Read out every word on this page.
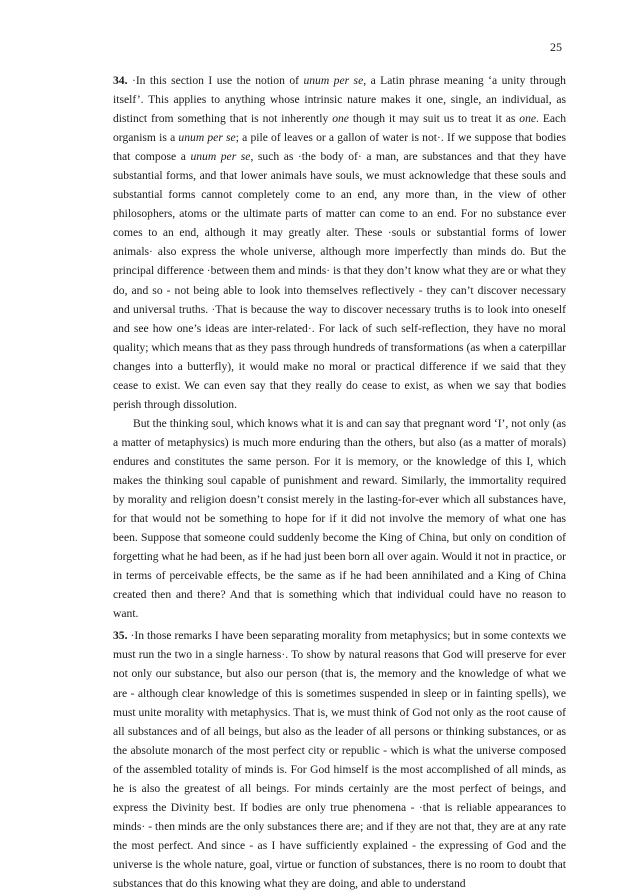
25

34. ·In this section I use the notion of unum per se, a Latin phrase meaning ‘a unity through itself’. This applies to anything whose intrinsic nature makes it one, single, an individual, as distinct from something that is not inherently one though it may suit us to treat it as one. Each organism is a unum per se; a pile of leaves or a gallon of water is not·. If we suppose that bodies that compose a unum per se, such as ·the body of· a man, are substances and that they have substantial forms, and that lower animals have souls, we must acknowledge that these souls and substantial forms cannot completely come to an end, any more than, in the view of other philosophers, atoms or the ultimate parts of matter can come to an end. For no substance ever comes to an end, although it may greatly alter. These ·souls or substantial forms of lower animals· also express the whole universe, although more imperfectly than minds do. But the principal difference ·between them and minds· is that they don’t know what they are or what they do, and so - not being able to look into themselves reflectively - they can’t discover necessary and universal truths. ·That is because the way to discover necessary truths is to look into oneself and see how one’s ideas are inter-related·. For lack of such self-reflection, they have no moral quality; which means that as they pass through hundreds of transformations (as when a caterpillar changes into a butterfly), it would make no moral or practical difference if we said that they cease to exist. We can even say that they really do cease to exist, as when we say that bodies perish through dissolution.

But the thinking soul, which knows what it is and can say that pregnant word ‘I’, not only (as a matter of metaphysics) is much more enduring than the others, but also (as a matter of morals) endures and constitutes the same person. For it is memory, or the knowledge of this I, which makes the thinking soul capable of punishment and reward. Similarly, the immortality required by morality and religion doesn’t consist merely in the lasting-for-ever which all substances have, for that would not be something to hope for if it did not involve the memory of what one has been. Suppose that someone could suddenly become the King of China, but only on condition of forgetting what he had been, as if he had just been born all over again. Would it not in practice, or in terms of perceivable effects, be the same as if he had been annihilated and a King of China created then and there? And that is something which that individual could have no reason to want.

35. ·In those remarks I have been separating morality from metaphysics; but in some contexts we must run the two in a single harness·. To show by natural reasons that God will preserve for ever not only our substance, but also our person (that is, the memory and the knowledge of what we are - although clear knowledge of this is sometimes suspended in sleep or in fainting spells), we must unite morality with metaphysics. That is, we must think of God not only as the root cause of all substances and of all beings, but also as the leader of all persons or thinking substances, or as the absolute monarch of the most perfect city or republic - which is what the universe composed of the assembled totality of minds is. For God himself is the most accomplished of all minds, as he is also the greatest of all beings. For minds certainly are the most perfect of beings, and express the Divinity best. If bodies are only true phenomena - ·that is reliable appearances to minds· - then minds are the only substances there are; and if they are not that, they are at any rate the most perfect. And since - as I have sufficiently explained - the expressing of God and the universe is the whole nature, goal, virtue or function of substances, there is no room to doubt that substances that do this knowing what they are doing, and able to understand
